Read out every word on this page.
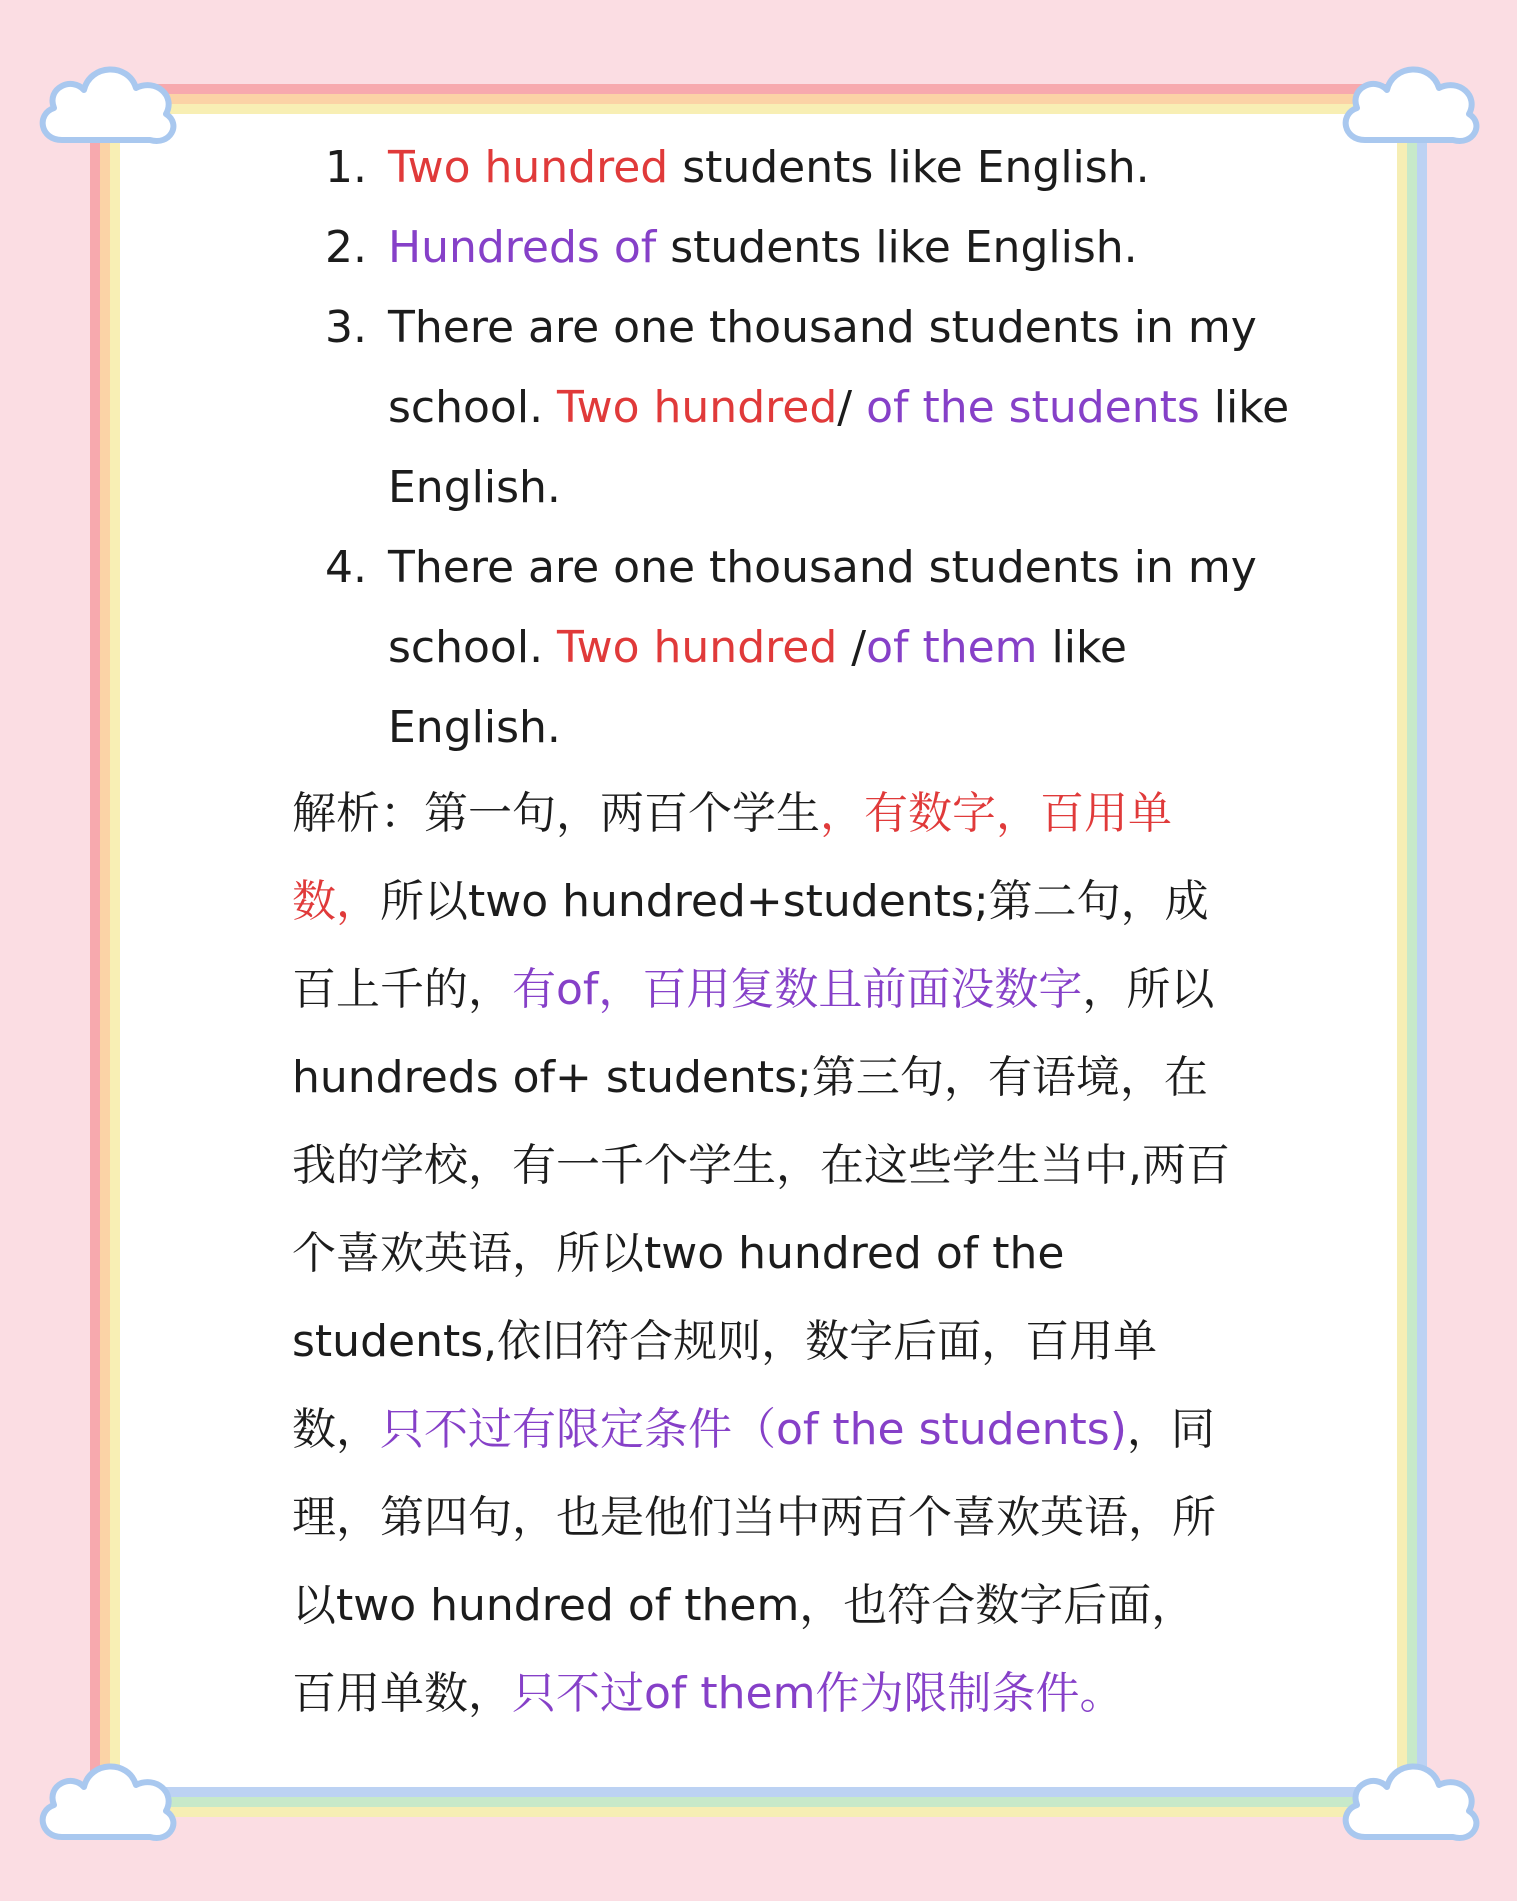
1. Two hundred students like English.
2. Hundreds of students like English.
3. There are one thousand students in my school. Two hundred/ of the students like English.
4. There are one thousand students in my school. Two hundred /of them like English.

解析：第一句，两百个学生，有数字，百用单数，所以two hundred+students;第二句，成百上千的，有of，百用复数且前面没数字，所以hundreds of+ students;第三句，有语境，在我的学校，有一千个学生，在这些学生当中,两百个喜欢英语，所以two hundred of the students,依旧符合规则，数字后面，百用单数，只不过有限定条件（of the students)，同理，第四句，也是他们当中两百个喜欢英语，所以two hundred of them，也符合数字后面，百用单数，只不过of them作为限制条件。
